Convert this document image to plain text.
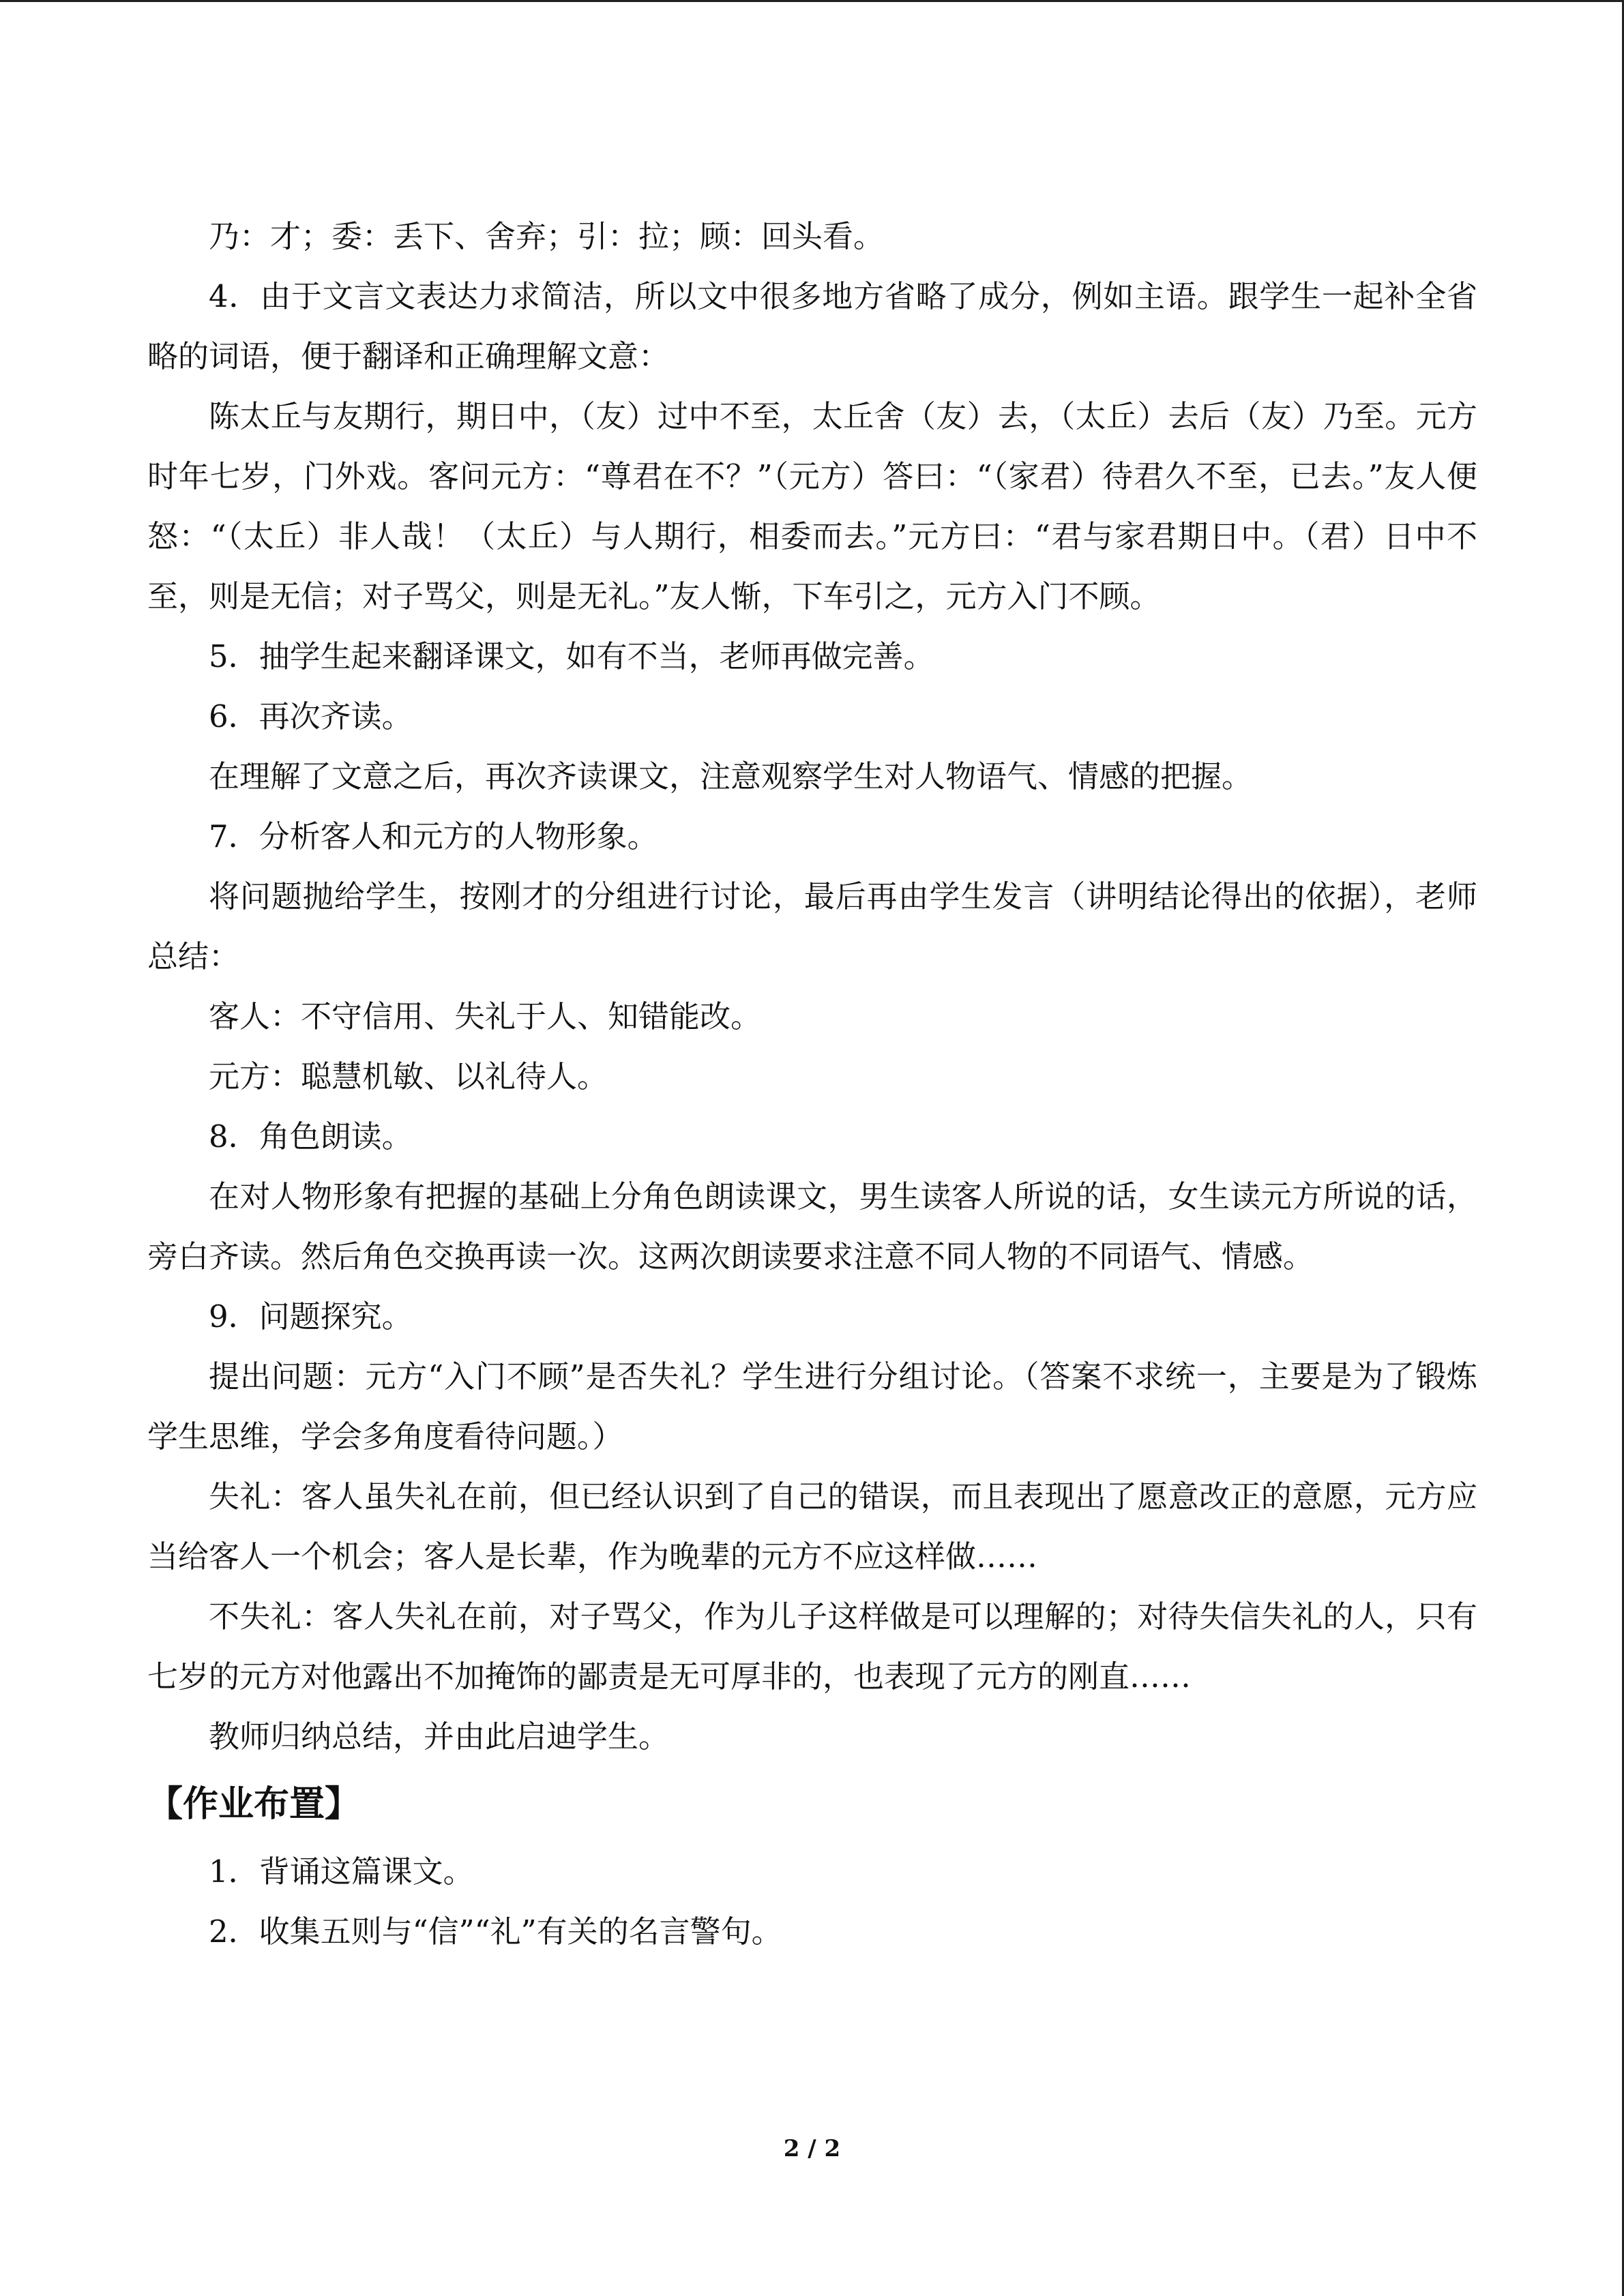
乃：才；委：丢下、舍弃；引：拉；顾：回头看。

4．由于文言文表达力求简洁，所以文中很多地方省略了成分，例如主语。跟学生一起补全省略的词语，便于翻译和正确理解文意：

陈太丘与友期行，期日中，（友）过中不至，太丘舍（友）去，（太丘）去后（友）乃至。元方时年七岁，门外戏。客问元方：“尊君在不？”（元方）答曰：“（家君）待君久不至，已去。”友人便怒：“（太丘）非人哉！（太丘）与人期行，相委而去。”元方曰：“君与家君期日中。（君）日中不至，则是无信；对子骂父，则是无礼。”友人惭，下车引之，元方入门不顾。

5．抽学生起来翻译课文，如有不当，老师再做完善。

6．再次齐读。

在理解了文意之后，再次齐读课文，注意观察学生对人物语气、情感的把握。

7．分析客人和元方的人物形象。

将问题抛给学生，按刚才的分组进行讨论，最后再由学生发言（讲明结论得出的依据），老师总结：

客人：不守信用、失礼于人、知错能改。

元方：聪慧机敏、以礼待人。

8．角色朗读。

在对人物形象有把握的基础上分角色朗读课文，男生读客人所说的话，女生读元方所说的话，旁白齐读。然后角色交换再读一次。这两次朗读要求注意不同人物的不同语气、情感。

9．问题探究。

提出问题：元方“入门不顾”是否失礼？学生进行分组讨论。（答案不求统一，主要是为了锻炼学生思维，学会多角度看待问题。）

失礼：客人虽失礼在前，但已经认识到了自己的错误，而且表现出了愿意改正的意愿，元方应当给客人一个机会；客人是长辈，作为晚辈的元方不应这样做……

不失礼：客人失礼在前，对子骂父，作为儿子这样做是可以理解的；对待失信失礼的人，只有七岁的元方对他露出不加掩饰的鄙责是无可厚非的，也表现了元方的刚直……

教师归纳总结，并由此启迪学生。

【作业布置】

1．背诵这篇课文。

2．收集五则与“信”“礼”有关的名言警句。

2 / 2
